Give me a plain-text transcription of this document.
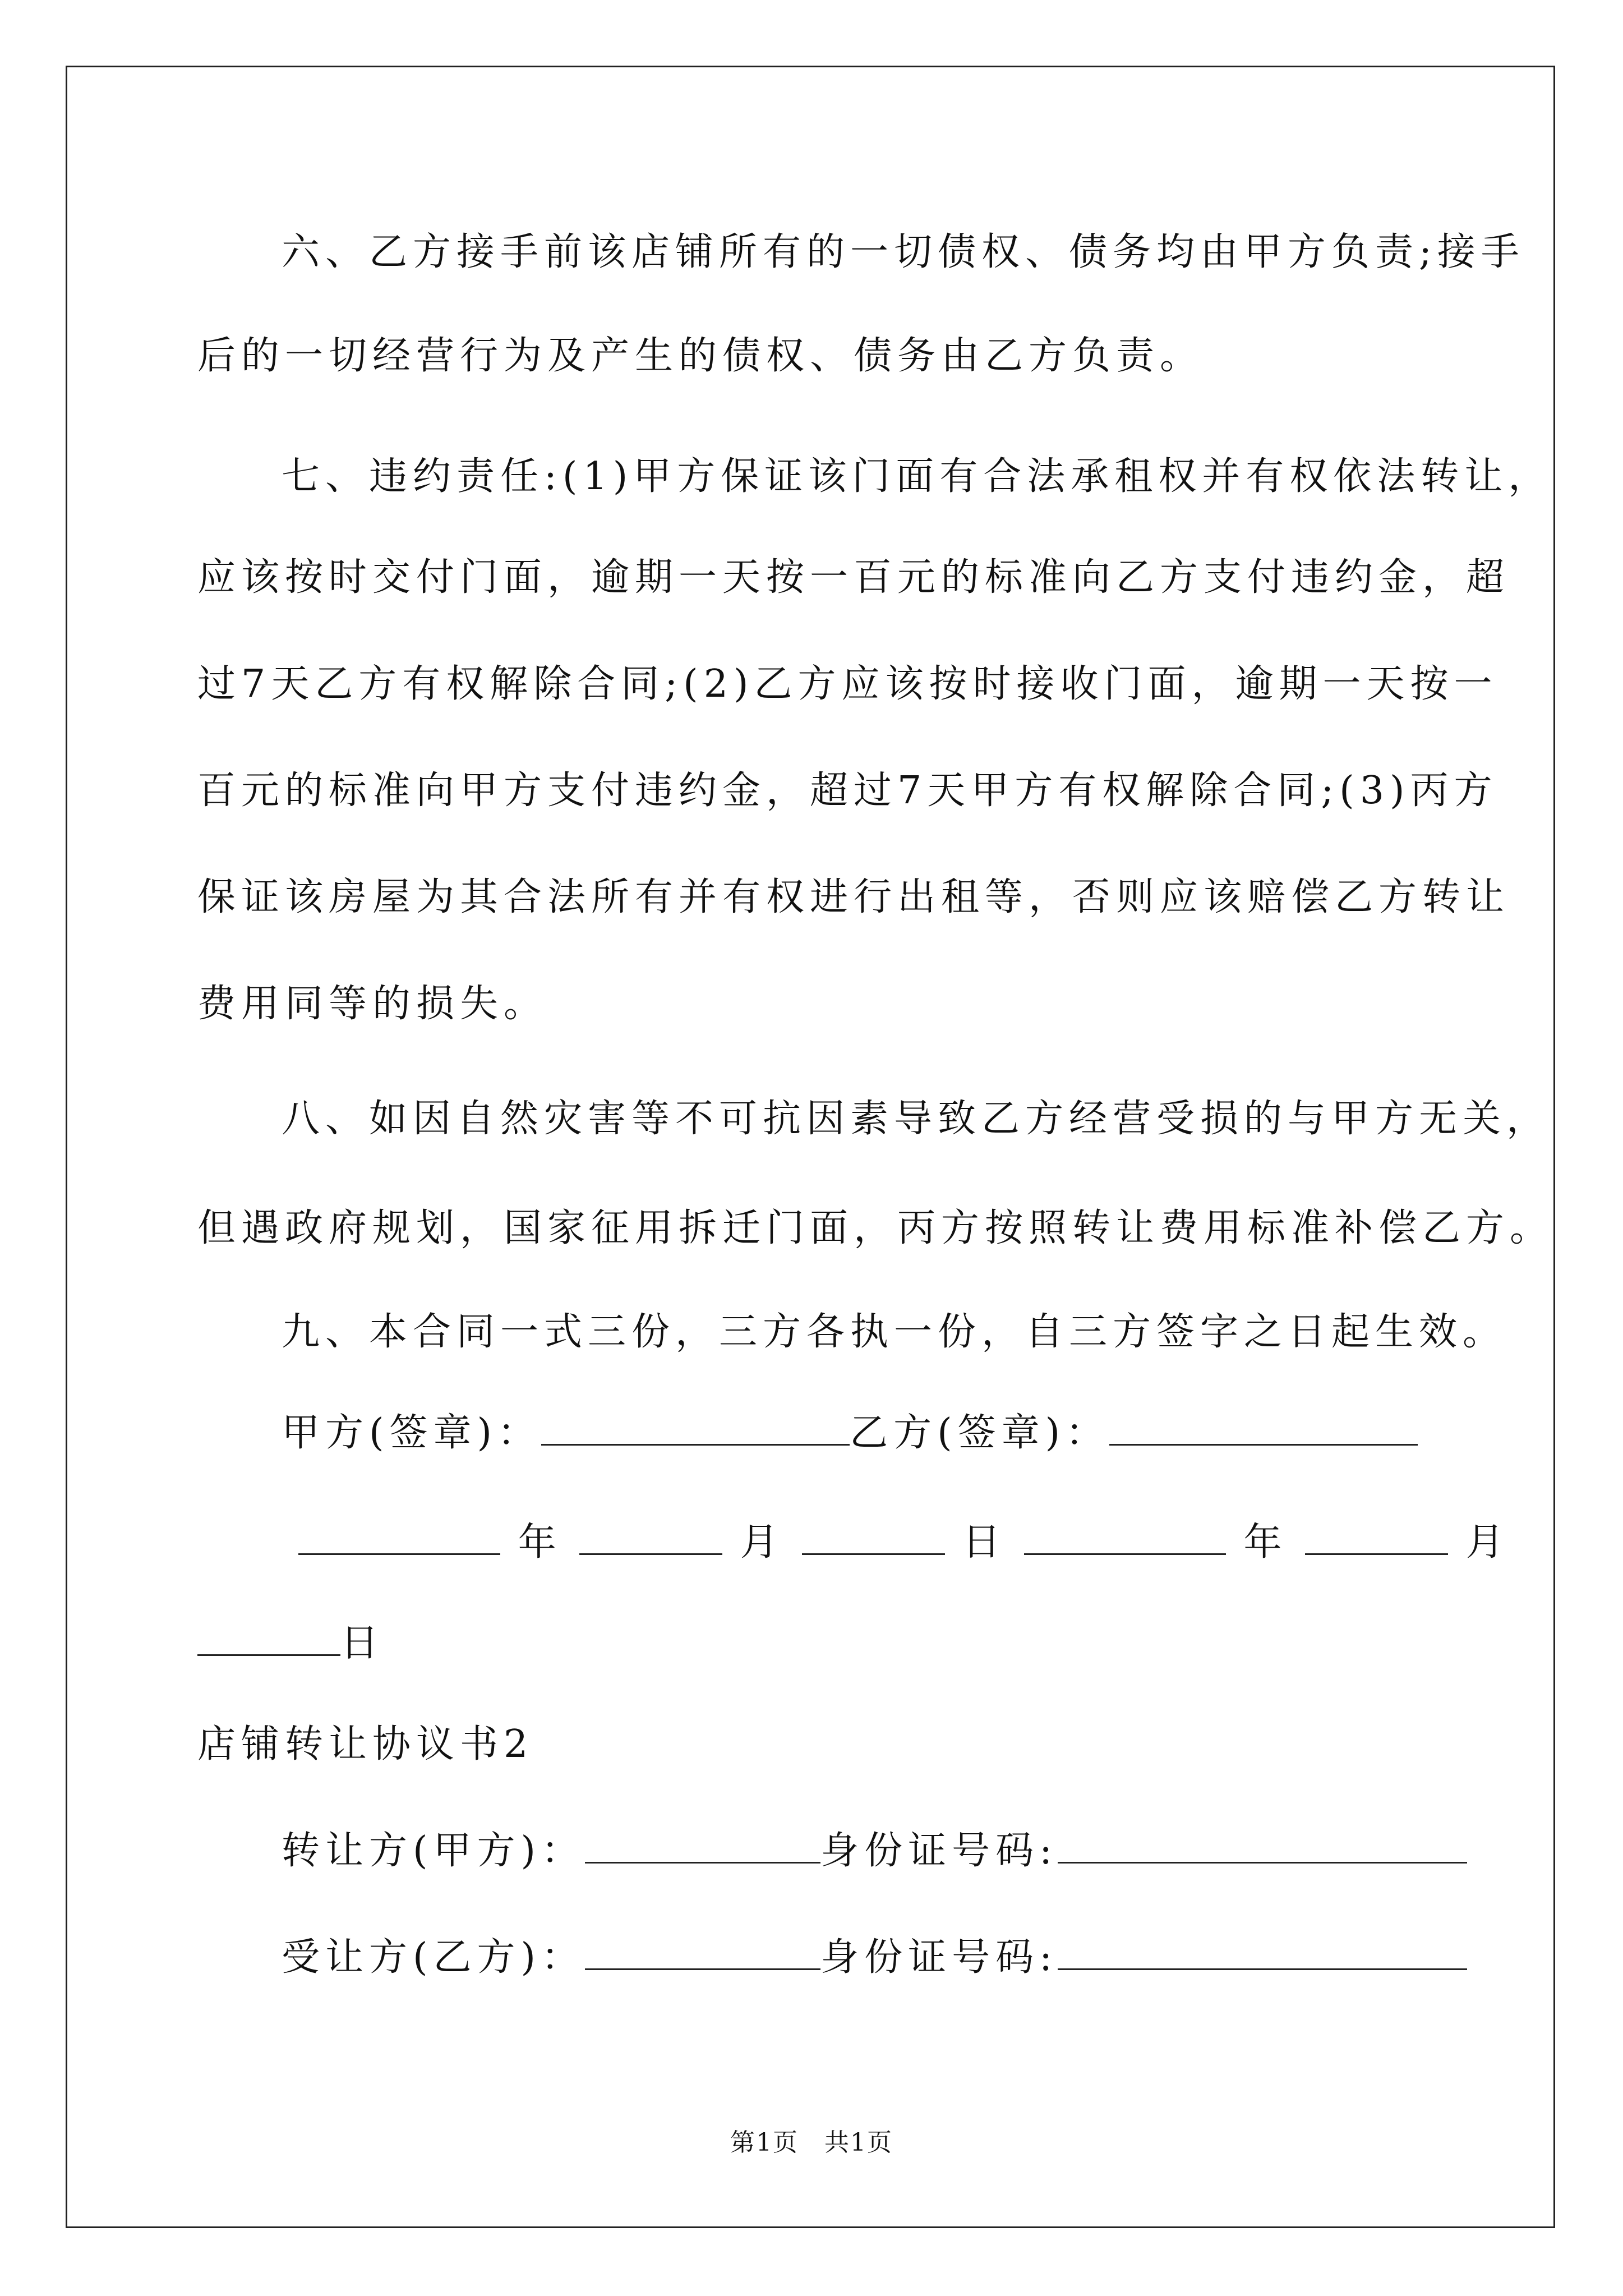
六、乙方接手前该店铺所有的一切债权、债务均由甲方负责;接手

后的一切经营行为及产生的债权、债务由乙方负责。

七、违约责任:(1)甲方保证该门面有合法承租权并有权依法转让，

应该按时交付门面，逾期一天按一百元的标准向乙方支付违约金，超

过7天乙方有权解除合同;(2)乙方应该按时接收门面，逾期一天按一

百元的标准向甲方支付违约金，超过7天甲方有权解除合同;(3)丙方

保证该房屋为其合法所有并有权进行出租等，否则应该赔偿乙方转让

费用同等的损失。

八、如因自然灾害等不可抗因素导致乙方经营受损的与甲方无关，

但遇政府规划，国家征用拆迁门面，丙方按照转让费用标准补偿乙方。

九、本合同一式三份，三方各执一份，自三方签字之日起生效。

甲方(签章)：	乙方(签章)：

年	月	日	年	月

日

店铺转让协议书2

转让方(甲方)：	身份证号码:

受让方(乙方)：	身份证号码:

第1页　共1页
